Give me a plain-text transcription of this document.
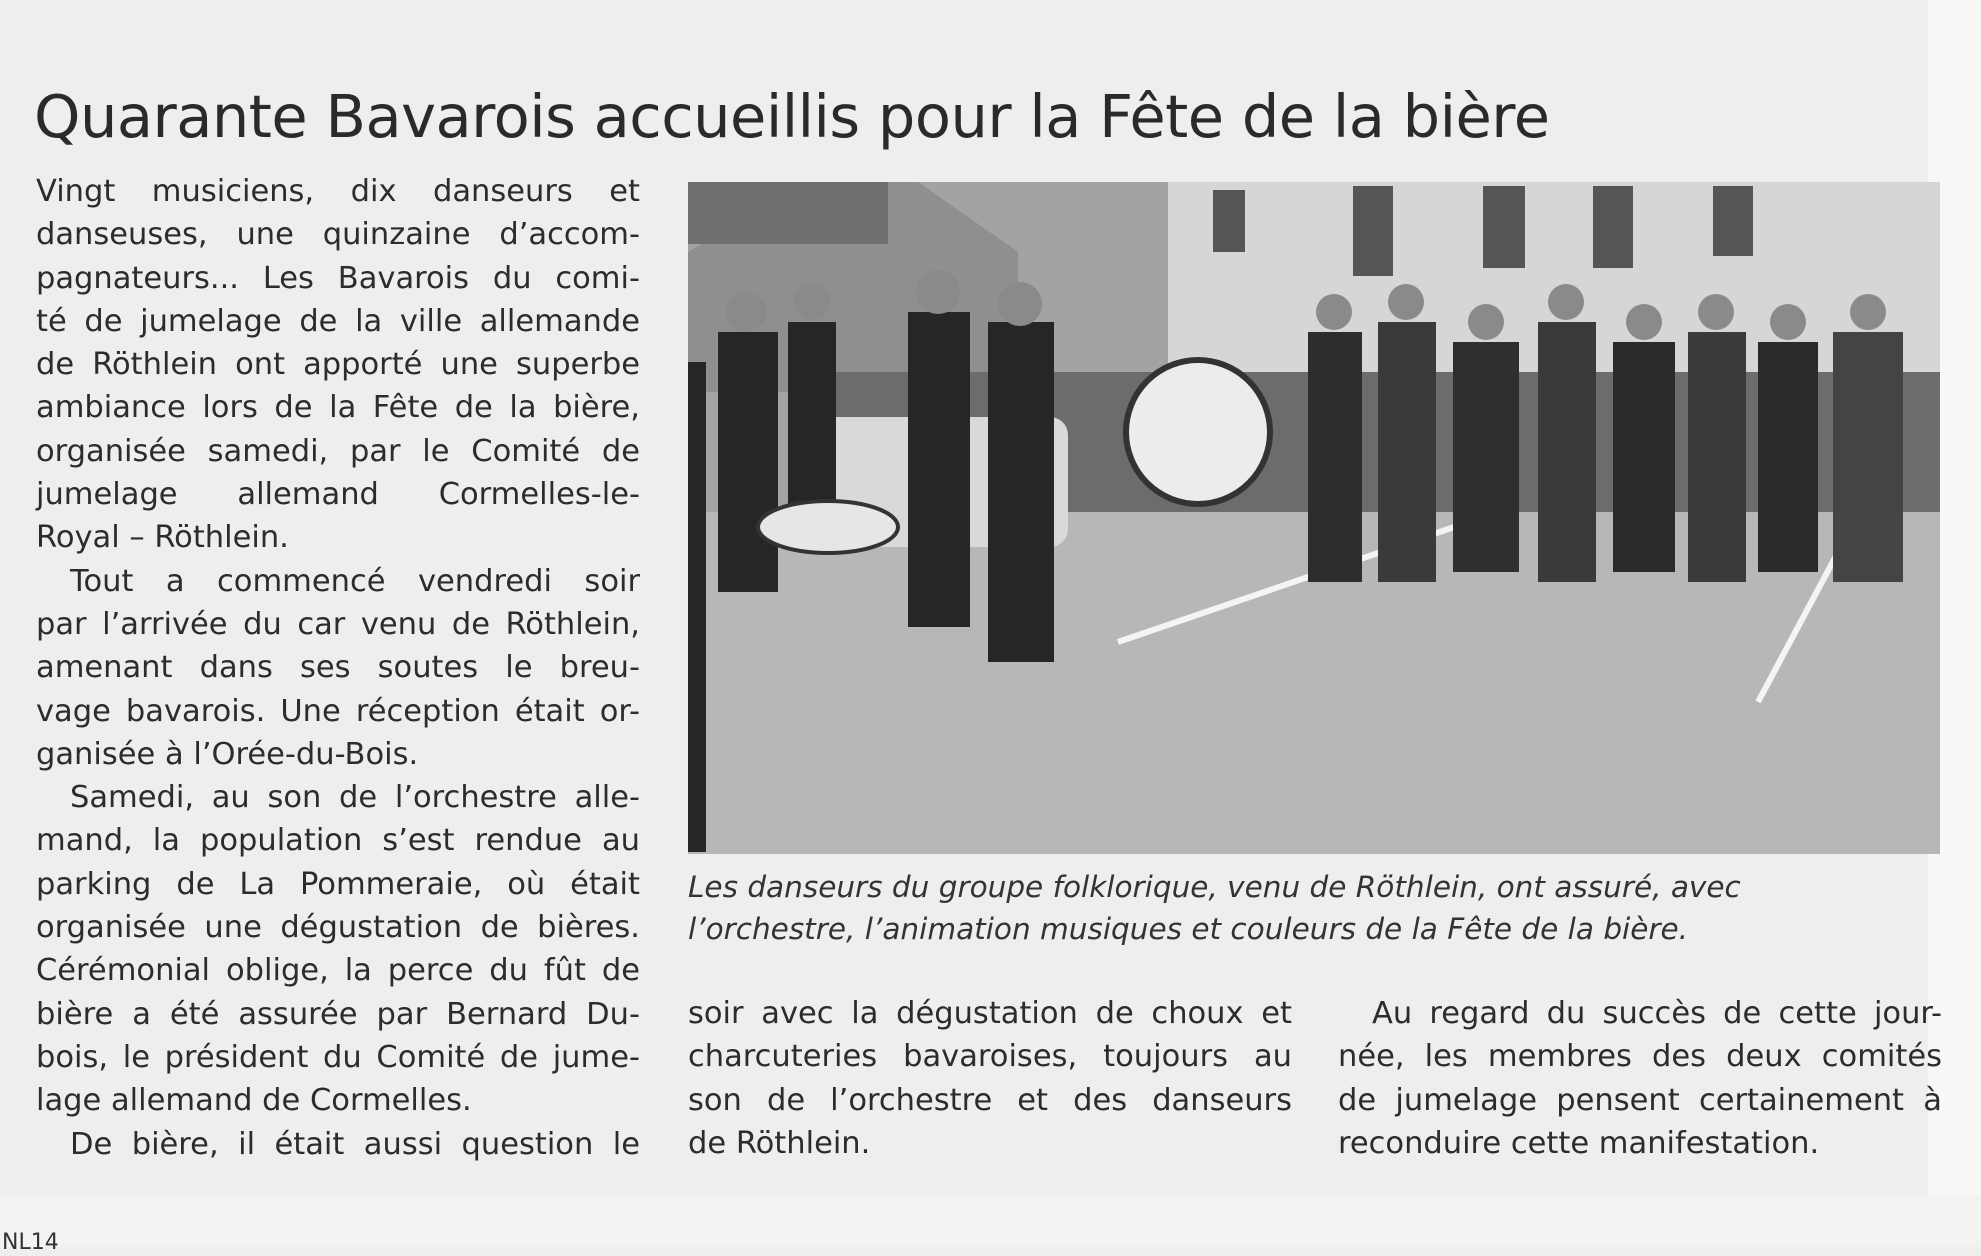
Quarante Bavarois accueillis pour la Fête de la bière
Vingt musiciens, dix danseurs et
danseuses, une quinzaine d’accom-
pagnateurs... Les Bavarois du comi-
té de jumelage de la ville allemande
de Röthlein ont apporté une superbe
ambiance lors de la Fête de la bière,
organisée samedi, par le Comité de
jumelage allemand Cormelles-le-
Royal – Röthlein.
Tout a commencé vendredi soir
par l’arrivée du car venu de Röthlein,
amenant dans ses soutes le breu-
vage bavarois. Une réception était or-
ganisée à l’Orée-du-Bois.
Samedi, au son de l’orchestre alle-
mand, la population s’est rendue au
parking de La Pommeraie, où était
organisée une dégustation de bières.
Cérémonial oblige, la perce du fût de
bière a été assurée par Bernard Du-
bois, le président du Comité de jume-
lage allemand de Cormelles.
De bière, il était aussi question le
Les danseurs du groupe folklorique, venu de Röthlein, ont assuré, avec
l’orchestre, l’animation musiques et couleurs de la Fête de la bière.
soir avec la dégustation de choux et
charcuteries bavaroises, toujours au
son de l’orchestre et des danseurs
de Röthlein.
Au regard du succès de cette jour-
née, les membres des deux comités
de jumelage pensent certainement à
reconduire cette manifestation.
NL14
